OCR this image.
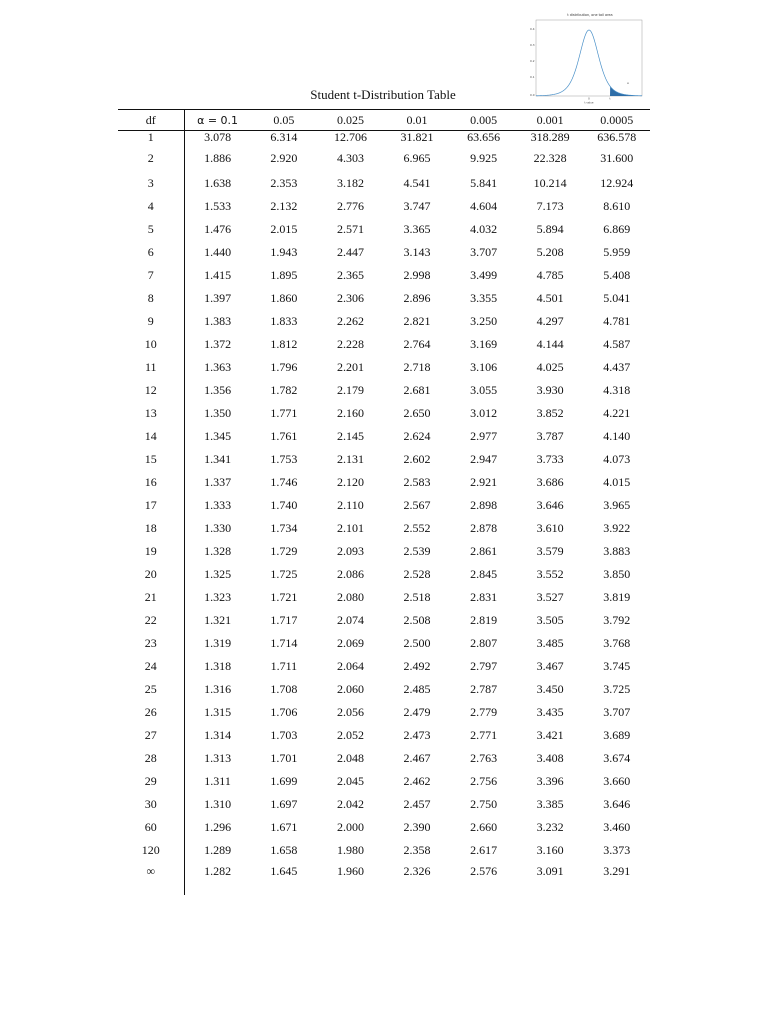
t distribution, one tail area
0.4
0.3
0.2
0.1
0.0
α
0	t
t value
Student t-Distribution Table
df	α = 0.1	0.05	0.025	0.01	0.005	0.001	0.0005
1	3.078	6.314	12.706	31.821	63.656	318.289	636.578
2	1.886	2.920	4.303	6.965	9.925	22.328	31.600
3	1.638	2.353	3.182	4.541	5.841	10.214	12.924
4	1.533	2.132	2.776	3.747	4.604	7.173	8.610
5	1.476	2.015	2.571	3.365	4.032	5.894	6.869
6	1.440	1.943	2.447	3.143	3.707	5.208	5.959
7	1.415	1.895	2.365	2.998	3.499	4.785	5.408
8	1.397	1.860	2.306	2.896	3.355	4.501	5.041
9	1.383	1.833	2.262	2.821	3.250	4.297	4.781
10	1.372	1.812	2.228	2.764	3.169	4.144	4.587
11	1.363	1.796	2.201	2.718	3.106	4.025	4.437
12	1.356	1.782	2.179	2.681	3.055	3.930	4.318
13	1.350	1.771	2.160	2.650	3.012	3.852	4.221
14	1.345	1.761	2.145	2.624	2.977	3.787	4.140
15	1.341	1.753	2.131	2.602	2.947	3.733	4.073
16	1.337	1.746	2.120	2.583	2.921	3.686	4.015
17	1.333	1.740	2.110	2.567	2.898	3.646	3.965
18	1.330	1.734	2.101	2.552	2.878	3.610	3.922
19	1.328	1.729	2.093	2.539	2.861	3.579	3.883
20	1.325	1.725	2.086	2.528	2.845	3.552	3.850
21	1.323	1.721	2.080	2.518	2.831	3.527	3.819
22	1.321	1.717	2.074	2.508	2.819	3.505	3.792
23	1.319	1.714	2.069	2.500	2.807	3.485	3.768
24	1.318	1.711	2.064	2.492	2.797	3.467	3.745
25	1.316	1.708	2.060	2.485	2.787	3.450	3.725
26	1.315	1.706	2.056	2.479	2.779	3.435	3.707
27	1.314	1.703	2.052	2.473	2.771	3.421	3.689
28	1.313	1.701	2.048	2.467	2.763	3.408	3.674
29	1.311	1.699	2.045	2.462	2.756	3.396	3.660
30	1.310	1.697	2.042	2.457	2.750	3.385	3.646
60	1.296	1.671	2.000	2.390	2.660	3.232	3.460
120	1.289	1.658	1.980	2.358	2.617	3.160	3.373
∞	1.282	1.645	1.960	2.326	2.576	3.091	3.291
